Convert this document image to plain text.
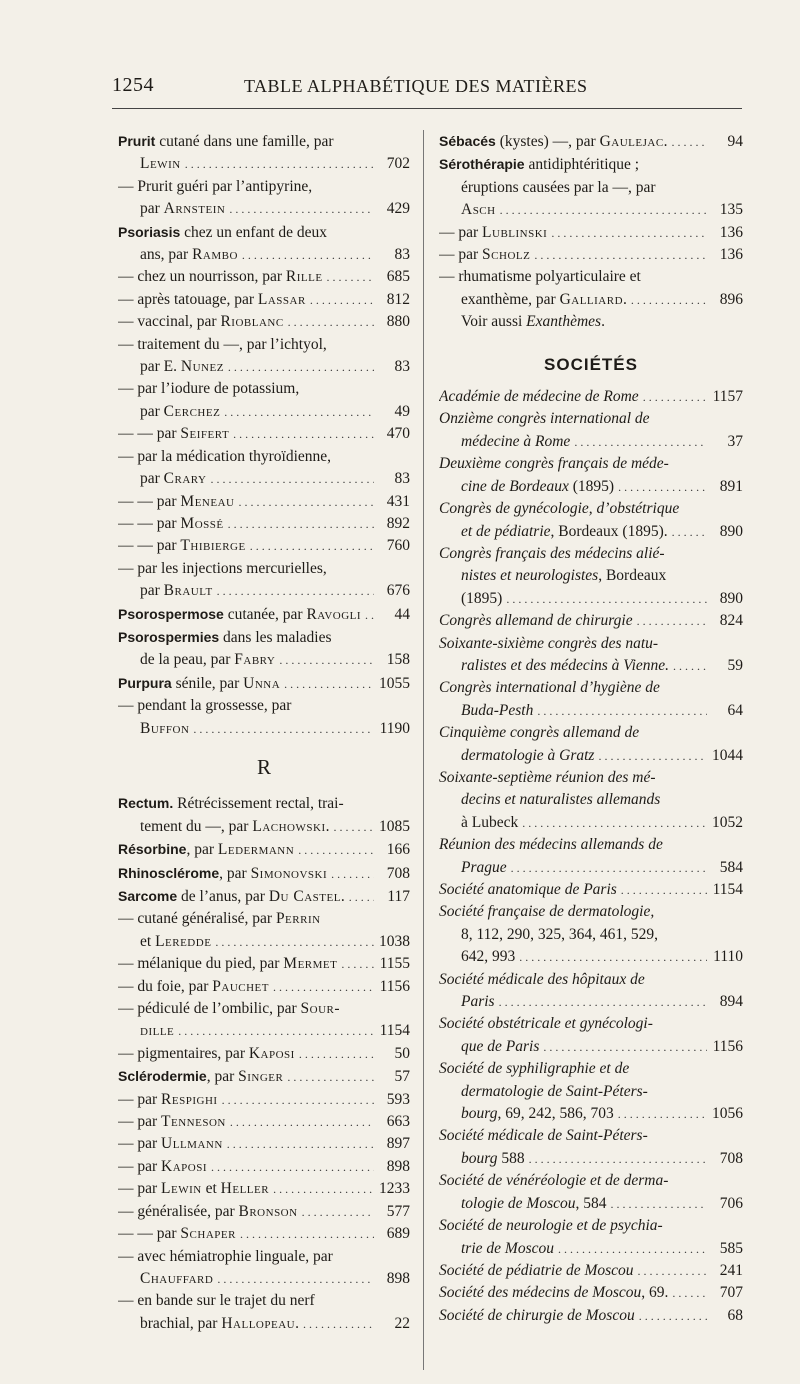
1254	TABLE ALPHABÉTIQUE DES MATIÈRES
Prurit cutané dans une famille, par
Lewin .....	702
— Prurit guéri par l’antipyrine,
par Arnstein .....	429
Psoriasis chez un enfant de deux
ans, par Rambo .....	83
— chez un nourrisson, par Rille .....	685
— après tatouage, par Lassar .....	812
— vaccinal, par Rioblanc .....	880
— traitement du —, par l’ichtyol,
par E. Nunez .....	83
— par l’iodure de potassium,
par Cerchez .....	49
— — par Seifert .....	470
— par la médication thyroïdienne,
par Crary .....	83
— — par Meneau .....	431
— — par Mossé .....	892
— — par Thibierge .....	760
— par les injections mercurielles,
par Brault .....	676
Psorospermose cutanée, par Ravogli .....	44
Psorospermies dans les maladies
de la peau, par Fabry .....	158
Purpura sénile, par Unna .....	1055
— pendant la grossesse, par
Buffon .....	1190
R
Rectum. Rétrécissement rectal, trai-
tement du —, par Lachowski. .....	1085
Résorbine, par Ledermann .....	166
Rhinosclérome, par Simonovski .....	708
Sarcome de l’anus, par Du Castel. .....	117
— cutané généralisé, par Perrin
et Leredde .....	1038
— mélanique du pied, par Mermet .....	1155
— du foie, par Pauchet .....	1156
— pédiculé de l’ombilic, par Sour-
dille .....	1154
— pigmentaires, par Kaposi .....	50
Sclérodermie, par Singer .....	57
— par Respighi .....	593
— par Tenneson .....	663
— par Ullmann .....	897
— par Kaposi .....	898
— par Lewin et Heller .....	1233
— généralisée, par Bronson .....	577
— — par Schaper .....	689
— avec hémiatrophie linguale, par
Chauffard .....	898
— en bande sur le trajet du nerf
brachial, par Hallopeau. .....	22
Sébacés (kystes) —, par Gaulejac. .....	94
Sérothérapie antidiphtéritique ;
éruptions causées par la —, par
Asch .....	135
— par Lublinski .....	136
— par Scholz .....	136
— rhumatisme polyarticulaire et
exanthème, par Galliard. .....	896
Voir aussi Exanthèmes.
SOCIÉTÉS
Académie de médecine de Rome .....	1157
Onzième congrès international de
médecine à Rome .....	37
Deuxième congrès français de méde-
cine de Bordeaux (1895) .....	891
Congrès de gynécologie, d’obstétrique
et de pédiatrie, Bordeaux (1895). .....	890
Congrès français des médecins alié-
nistes et neurologistes, Bordeaux
(1895) .....	890
Congrès allemand de chirurgie .....	824
Soixante-sixième congrès des natu-
ralistes et des médecins à Vienne. .....	59
Congrès international d’hygiène de
Buda-Pesth .....	64
Cinquième congrès allemand de
dermatologie à Gratz .....	1044
Soixante-septième réunion des mé-
decins et naturalistes allemands
à Lubeck .....	1052
Réunion des médecins allemands de
Prague .....	584
Société anatomique de Paris .....	1154
Société française de dermatologie,
8, 112, 290, 325, 364, 461, 529,
642, 993 .....	1110
Société médicale des hôpitaux de
Paris .....	894
Société obstétricale et gynécologi-
que de Paris .....	1156
Société de syphiligraphie et de
dermatologie de Saint-Péters-
bourg, 69, 242, 586, 703 .....	1056
Société médicale de Saint-Péters-
bourg 588 .....	708
Société de vénéréologie et de derma-
tologie de Moscou, 584 .....	706
Société de neurologie et de psychia-
trie de Moscou .....	585
Société de pédiatrie de Moscou .....	241
Société des médecins de Moscou, 69. .....	707
Société de chirurgie de Moscou .....	68
